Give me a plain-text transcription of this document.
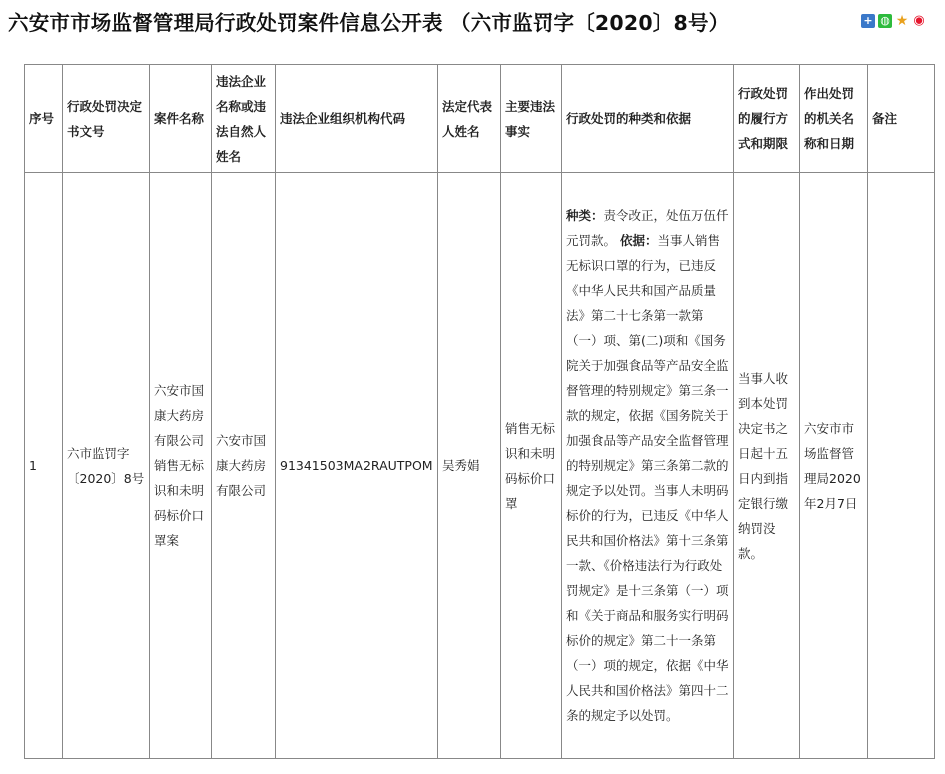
六安市市场监督管理局行政处罚案件信息公开表 （六市监罚字〔2020〕8号）	+ ◍ ★ ◉
序号	行政处罚决定书文号	案件名称	违法企业名称或违法自然人姓名	违法企业组织机构代码	法定代表人姓名	主要违法事实	行政处罚的种类和依据	行政处罚的履行方式和期限	作出处罚的机关名称和日期	备注
1	六市监罚字〔2020〕8号	六安市国康大药房有限公司销售无标识和未明码标价口罩案	六安市国康大药房有限公司	91341503MA2RAUTPOM	吴秀娟	销售无标识和未明码标价口罩	种类：责令改正，处伍万伍仟元罚款。 依据：当事人销售无标识口罩的行为，已违反《中华人民共和国产品质量法》第二十七条第一款第（一）项、第(二)项和《国务院关于加强食品等产品安全监督管理的特别规定》第三条一款的规定，依据《国务院关于加强食品等产品安全监督管理的特别规定》第三条第二款的规定予以处罚。当事人未明码标价的行为，已违反《中华人民共和国价格法》第十三条第一款、《价格违法行为行政处罚规定》是十三条第（一）项和《关于商品和服务实行明码标价的规定》第二十一条第（一）项的规定，依据《中华人民共和国价格法》第四十二条的规定予以处罚。	当事人收到本处罚决定书之日起十五日内到指定银行缴纳罚没款。	六安市市场监督管理局2020年2月7日	
